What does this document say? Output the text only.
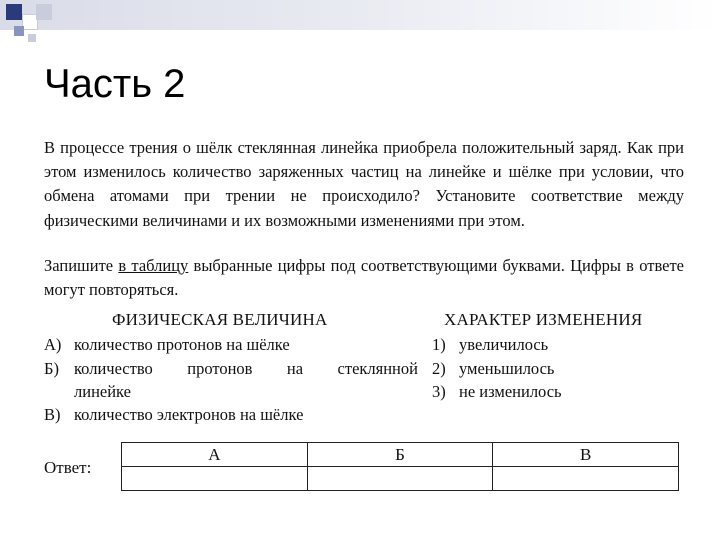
Часть 2
В процессе трения о шёлк стеклянная линейка приобрела положительный заряд. Как при этом изменилось количество заряженных частиц на линейке и шёлке при условии, что обмена атомами при трении не происходило? Установите соответствие между физическими величинами и их возможными изменениями при этом.
Запишите в таблицу выбранные цифры под соответствующими буквами. Цифры в ответе могут повторяться.
ФИЗИЧЕСКАЯ ВЕЛИЧИНА	ХАРАКТЕР ИЗМЕНЕНИЯ
А) количество протонов на шёлке
Б) количество протонов на стеклянной
линейке
В) количество электронов на шёлке
1) увеличилось
2) уменьшилось
3) не изменилось
Ответ:
А	Б	В
